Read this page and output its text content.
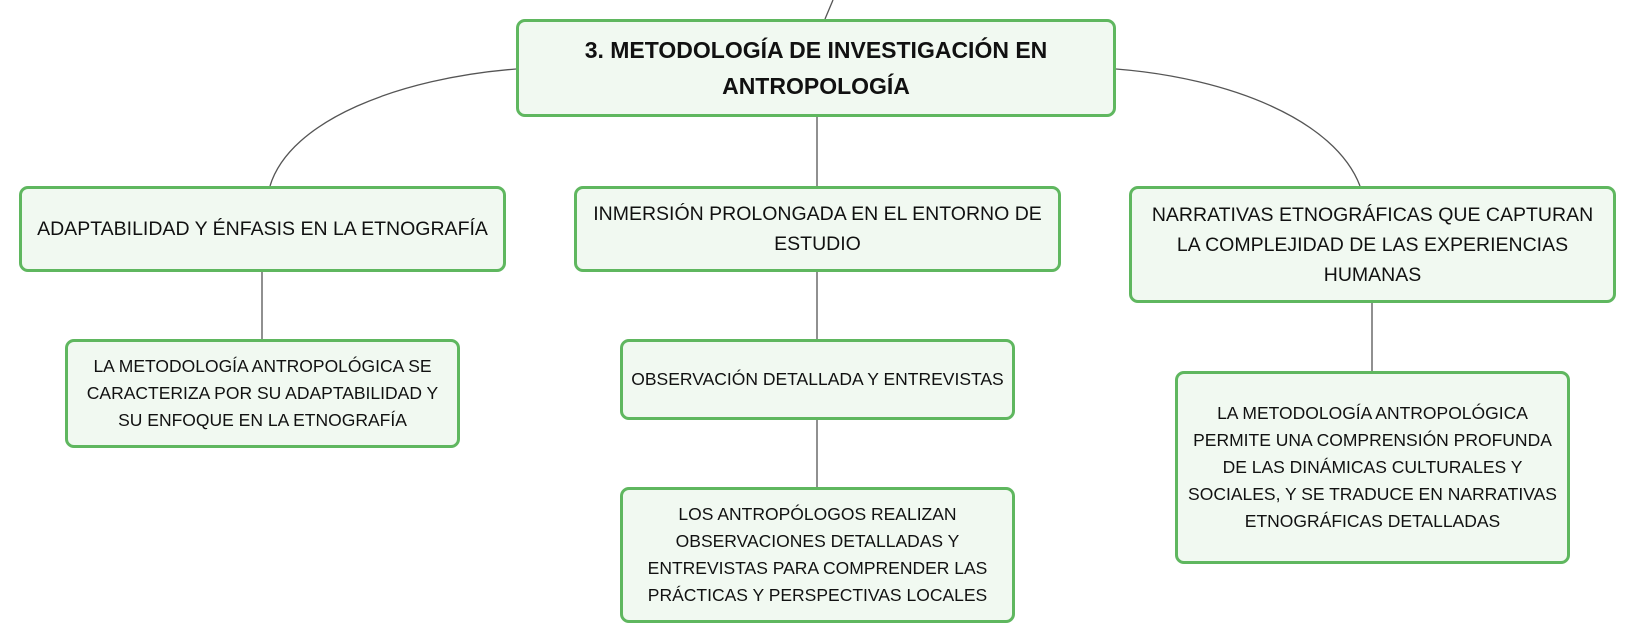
3. METODOLOGÍA DE INVESTIGACIÓN EN ANTROPOLOGÍA
ADAPTABILIDAD Y ÉNFASIS EN LA ETNOGRAFÍA
INMERSIÓN PROLONGADA EN EL ENTORNO DE ESTUDIO
NARRATIVAS ETNOGRÁFICAS QUE CAPTURAN LA COMPLEJIDAD DE LAS EXPERIENCIAS HUMANAS
LA METODOLOGÍA ANTROPOLÓGICA SE CARACTERIZA POR SU ADAPTABILIDAD Y SU ENFOQUE EN LA ETNOGRAFÍA
OBSERVACIÓN DETALLADA Y ENTREVISTAS
LOS ANTROPÓLOGOS REALIZAN OBSERVACIONES DETALLADAS Y ENTREVISTAS PARA COMPRENDER LAS PRÁCTICAS Y PERSPECTIVAS LOCALES
LA METODOLOGÍA ANTROPOLÓGICA PERMITE UNA COMPRENSIÓN PROFUNDA DE LAS DINÁMICAS CULTURALES Y SOCIALES, Y SE TRADUCE EN NARRATIVAS ETNOGRÁFICAS DETALLADAS
